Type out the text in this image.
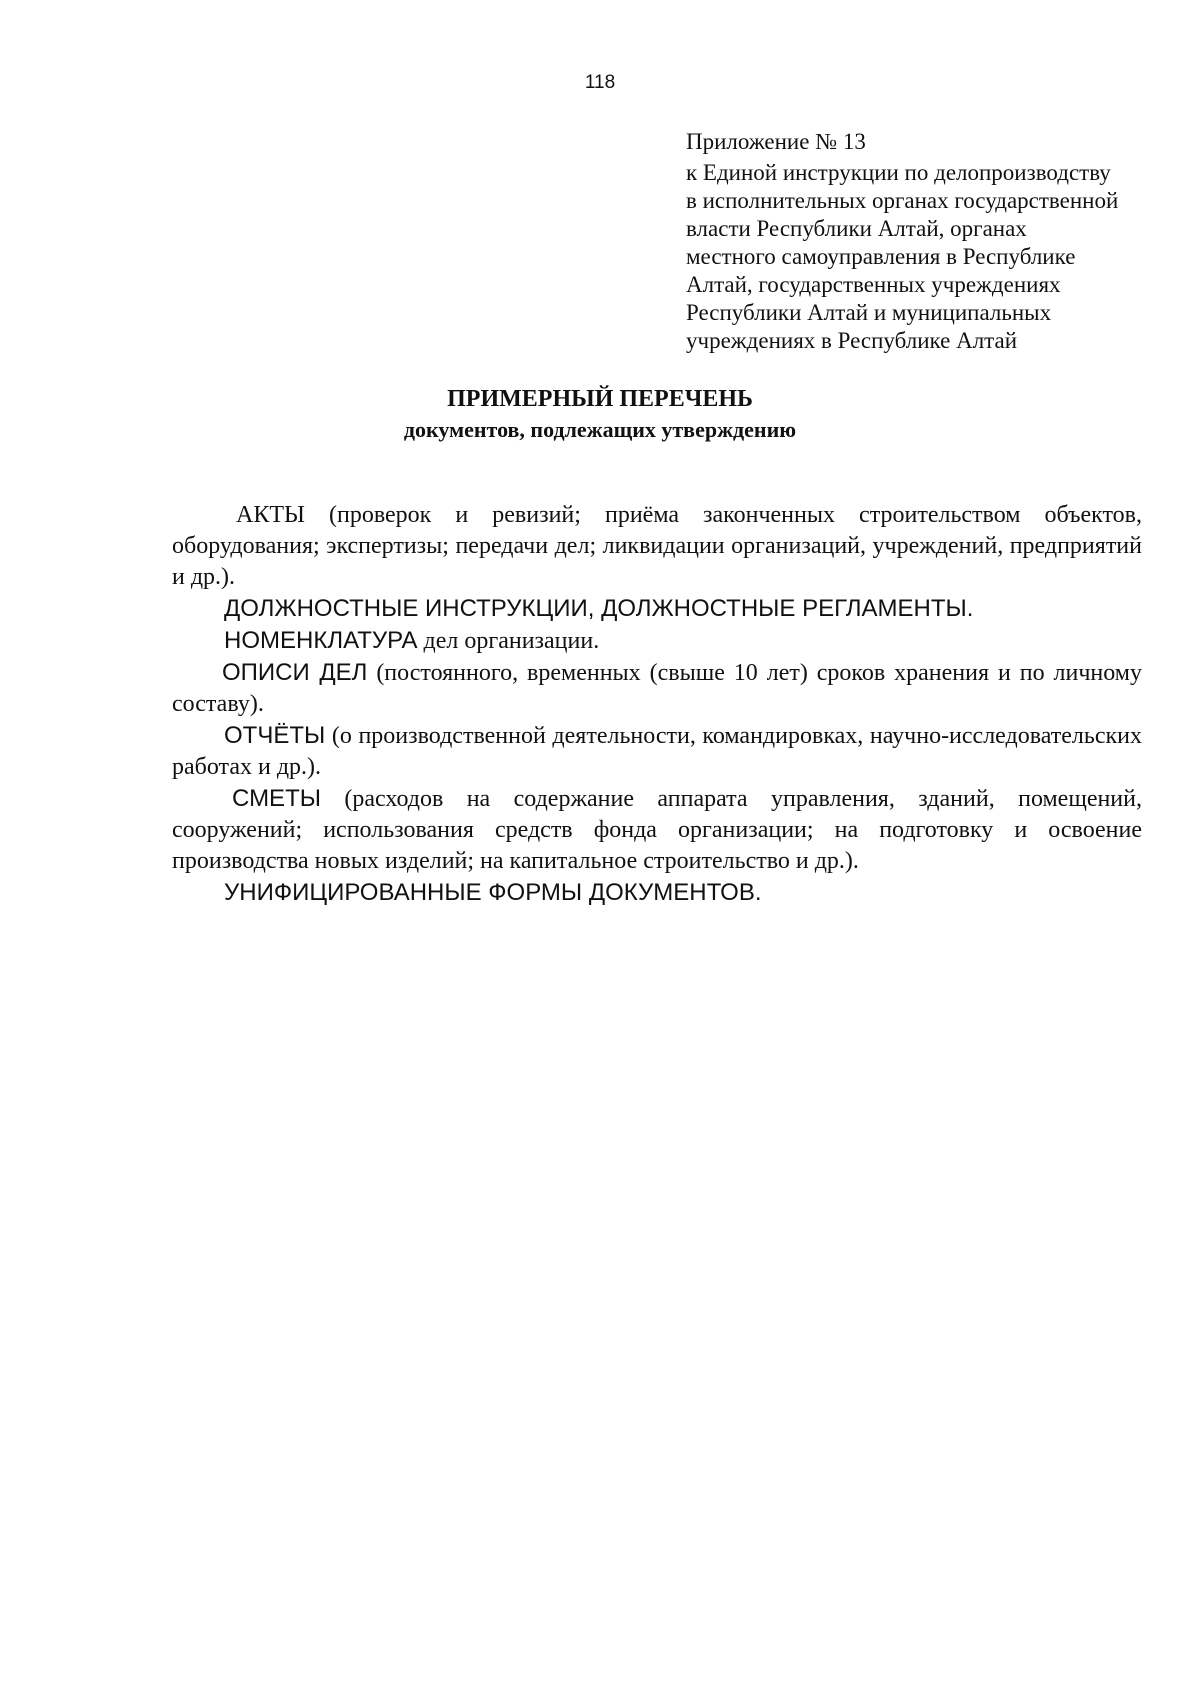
118
Приложение № 13
к Единой инструкции по делопроизводству
в исполнительных органах государственной
власти Республики Алтай, органах
местного самоуправления в Республике
Алтай, государственных учреждениях
Республики Алтай и муниципальных
учреждениях в Республике Алтай
ПРИМЕРНЫЙ ПЕРЕЧЕНЬ
документов, подлежащих утверждению

АКТЫ (проверок и ревизий; приёма законченных строительством объектов, оборудования; экспертизы; передачи дел; ликвидации организаций, учреждений, предприятий и др.).

ДОЛЖНОСТНЫЕ ИНСТРУКЦИИ, ДОЛЖНОСТНЫЕ РЕГЛАМЕНТЫ.

НОМЕНКЛАТУРА дел организации.

ОПИСИ ДЕЛ (постоянного, временных (свыше 10 лет) сроков хранения и по личному составу).

ОТЧЁТЫ (о производственной деятельности, командировках, научно-исследовательских работах и др.).

СМЕТЫ (расходов на содержание аппарата управления, зданий, помещений, сооружений; использования средств фонда организации; на подготовку и освоение производства новых изделий; на капитальное строительство и др.).

УНИФИЦИРОВАННЫЕ ФОРМЫ ДОКУМЕНТОВ.
